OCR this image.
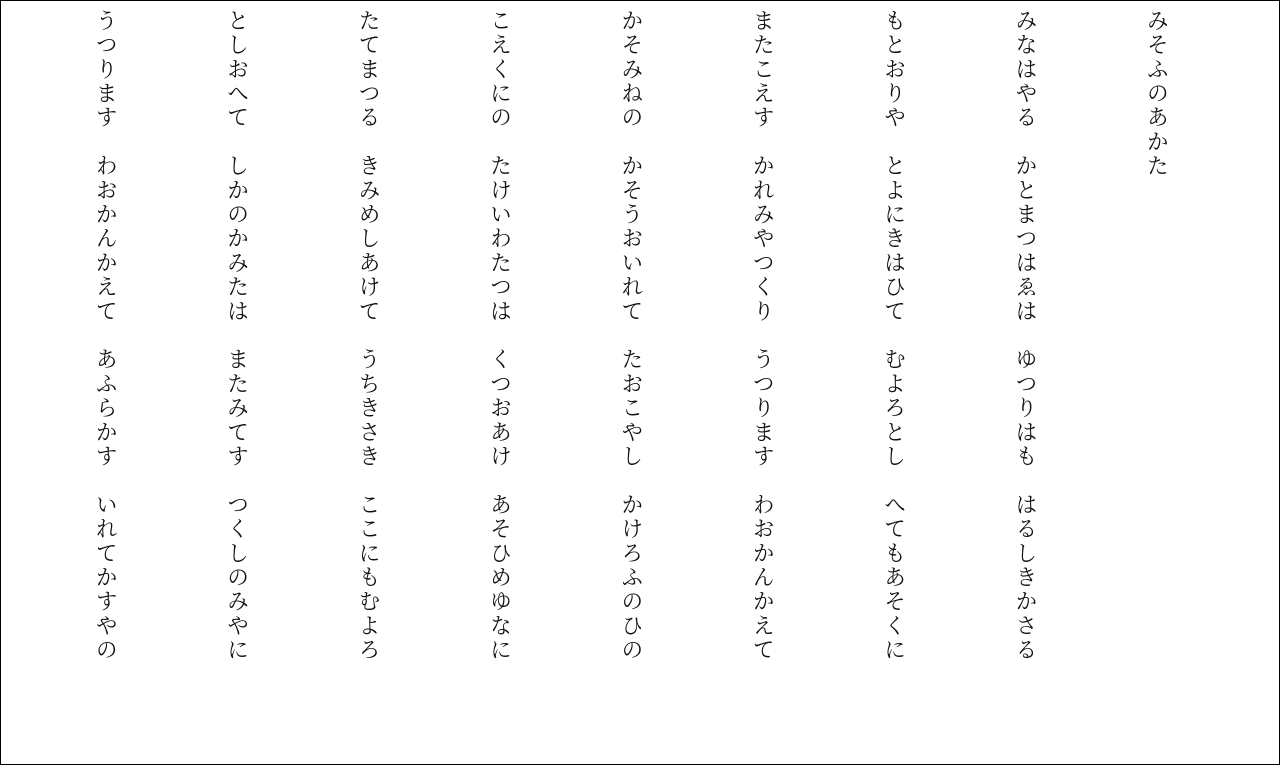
みそふのあかた

みなはやる　かとまつはゑは　ゆつりはも　はるしきかさる

もとおりや　とよにきはひて　むよろとし　へてもあそくに

またこえす　かれみやつくり　うつります　わおかんかえて

かそみねの　かそうおいれて　たおこやし　かけろふのひの

こえくにの　たけいわたつは　くつおあけ　あそひめゆなに

たてまつる　きみめしあけて　うちきさき　ここにもむよろ

としおへて　しかのかみたは　またみてす　つくしのみやに

うつります　わおかんかえて　あふらかす　いれてかすやの
